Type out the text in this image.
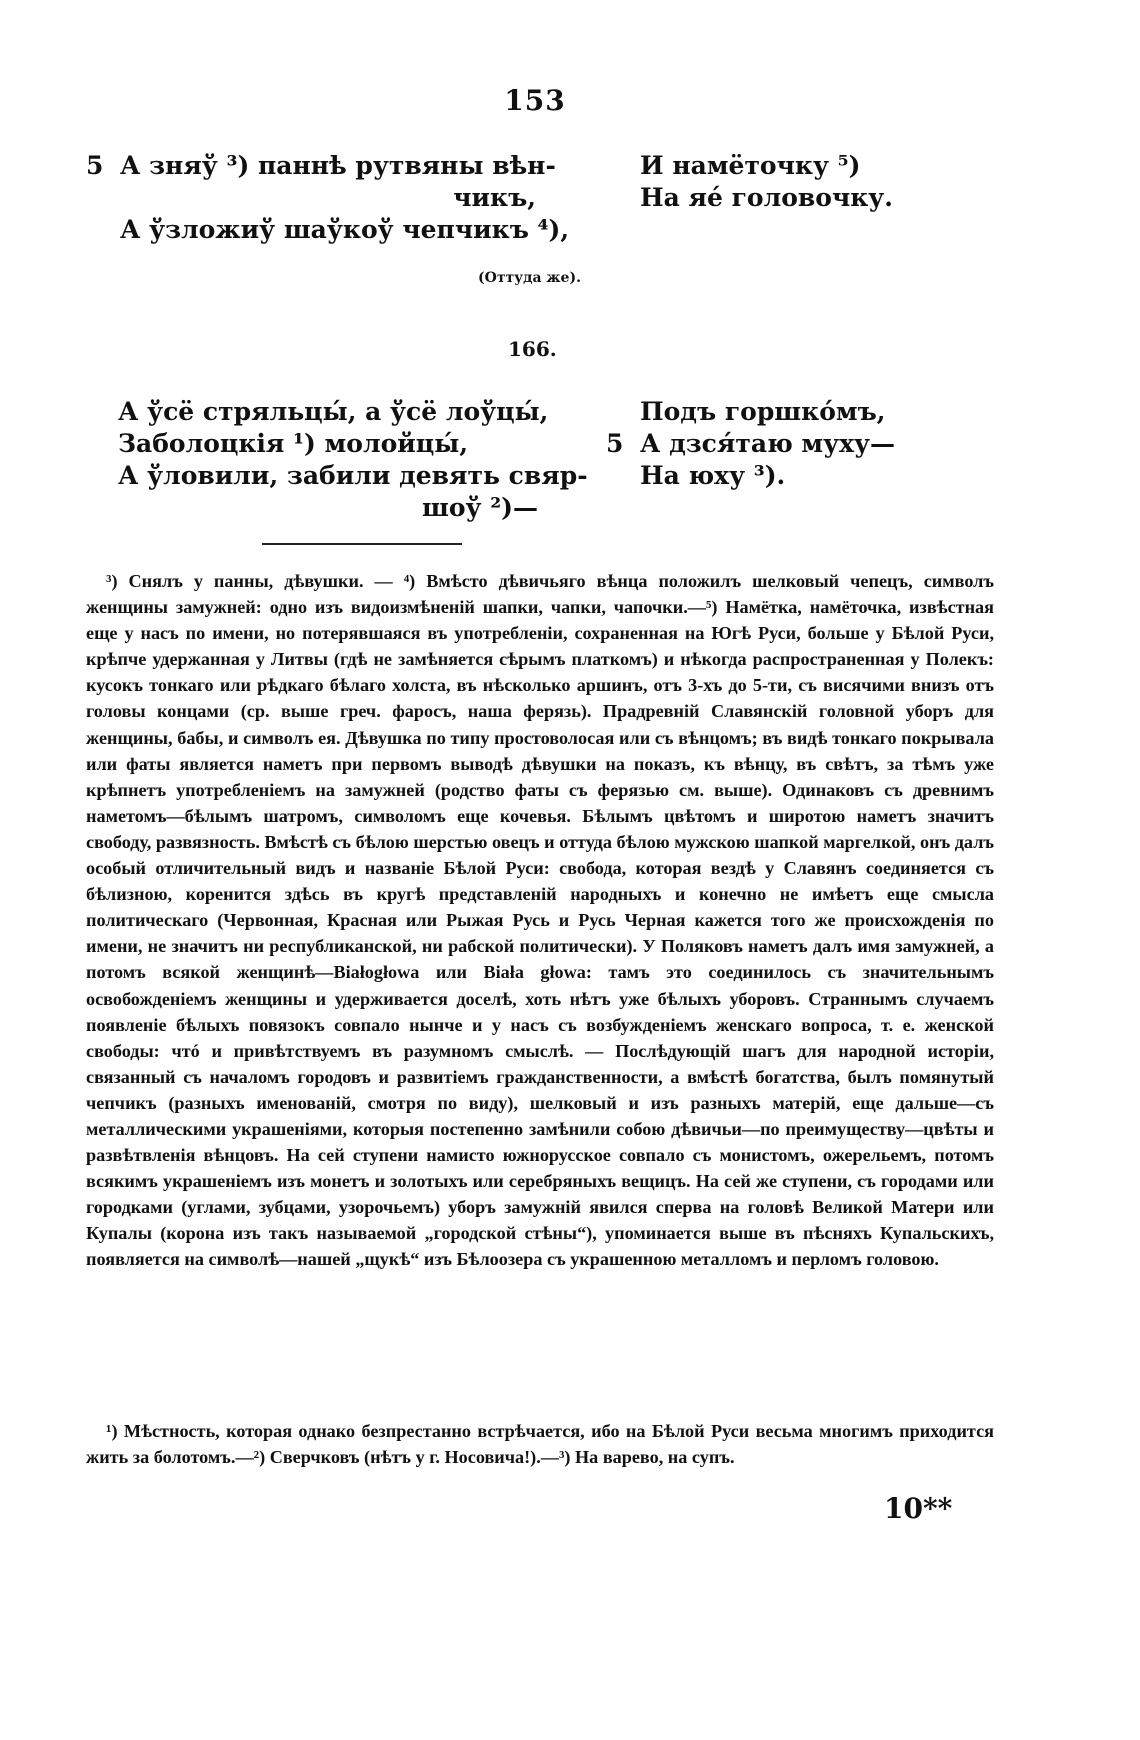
153
5 А зняў ³) паннѣ рутвяны вѣн-
чикъ,
А ўзложиў шаўкоў чепчикъ ⁴),
И намёточку ⁵)
На яé головочку.
(Оттуда же).
166.
А ўсё стряльцы́, а ўсё лоўцы́,
Заболоцкія ¹) молойцы́,
А ўловили, забили девять свяр-
шоў ²)—
Подъ горшко́мъ,
5 А дзся́таю муху—
На юху ³).

³) Снялъ у панны, дѣвушки. — ⁴) Вмѣсто дѣвичьяго вѣнца положилъ шелковый чепецъ, символъ женщины замужней: одно изъ видоизмѣненій шапки, чапки, чапочки.—⁵) Намётка, намёточка, извѣстная еще у насъ по имени, но потерявшаяся въ употребленіи, сохраненная на Югѣ Руси, больше у Бѣлой Руси, крѣпче удержанная у Литвы (гдѣ не замѣняется сѣрымъ платкомъ) и нѣкогда распространенная у Полекъ: кусокъ тонкаго или рѣдкаго бѣлаго холста, въ нѣсколько аршинъ, отъ 3-хъ до 5-ти, съ висячими внизъ отъ головы концами (ср. выше греч. фаросъ, наша ферязь). Прадревній Славянскій головной уборъ для женщины, бабы, и символъ ея. Дѣвушка по типу простоволосая или съ вѣнцомъ; въ видѣ тонкаго покрывала или фаты является наметъ при первомъ выводѣ дѣвушки на показъ, къ вѣнцу, въ свѣтъ, за тѣмъ уже крѣпнетъ употребленіемъ на замужней (родство фаты съ ферязью см. выше). Одинаковъ съ древнимъ наметомъ—бѣлымъ шатромъ, символомъ еще кочевья. Бѣлымъ цвѣтомъ и широтою наметъ значитъ свободу, развязность. Вмѣстѣ съ бѣлою шерстью овецъ и оттуда бѣлою мужскою шапкой маргелкой, онъ далъ особый отличительный видъ и названіе Бѣлой Руси: свобода, которая вездѣ у Славянъ соединяется съ бѣлизною, коренится здѣсь въ кругѣ представленій народныхъ и конечно не имѣетъ еще смысла политическаго (Червонная, Красная или Рыжая Русь и Русь Черная кажется того же происхожденія по имени, не значитъ ни республиканской, ни рабской политически). У Поляковъ наметъ далъ имя замужней, а потомъ всякой женщинѣ—Białogłowa или Biała głowa: тамъ это соединилось съ значительнымъ освобожденіемъ женщины и удерживается доселѣ, хоть нѣтъ уже бѣлыхъ уборовъ. Страннымъ случаемъ появленіе бѣлыхъ повязокъ совпало нынче и у насъ съ возбужденіемъ женскаго вопроса, т. е. женской свободы: чтó и привѣтствуемъ въ разумномъ смыслѣ. — Послѣдующій шагъ для народной исторіи, связанный съ началомъ городовъ и развитіемъ гражданственности, а вмѣстѣ богатства, былъ помянутый чепчикъ (разныхъ именованій, смотря по виду), шелковый и изъ разныхъ матерій, еще дальше—съ металлическими украшеніями, которыя постепенно замѣнили собою дѣвичьи—по преимуществу—цвѣты и развѣтвленія вѣнцовъ. На сей ступени намисто южнорусское совпало съ монистомъ, ожерельемъ, потомъ всякимъ украшеніемъ изъ монетъ и золотыхъ или серебряныхъ вещицъ. На сей же ступени, съ городами или городками (углами, зубцами, узорочьемъ) уборъ замужній явился сперва на головѣ Великой Матери или Купалы (корона изъ такъ называемой „городской стѣны“), упоминается выше въ пѣсняхъ Купальскихъ, появляется на символѣ—нашей „щукѣ“ изъ Бѣлоозера съ украшенною металломъ и перломъ головою.

¹) Мѣстность, которая однако безпрестанно встрѣчается, ибо на Бѣлой Руси весьма многимъ приходится жить за болотомъ.—²) Сверчковъ (нѣтъ у г. Носовича!).—³) На варево, на супъ.

10**
